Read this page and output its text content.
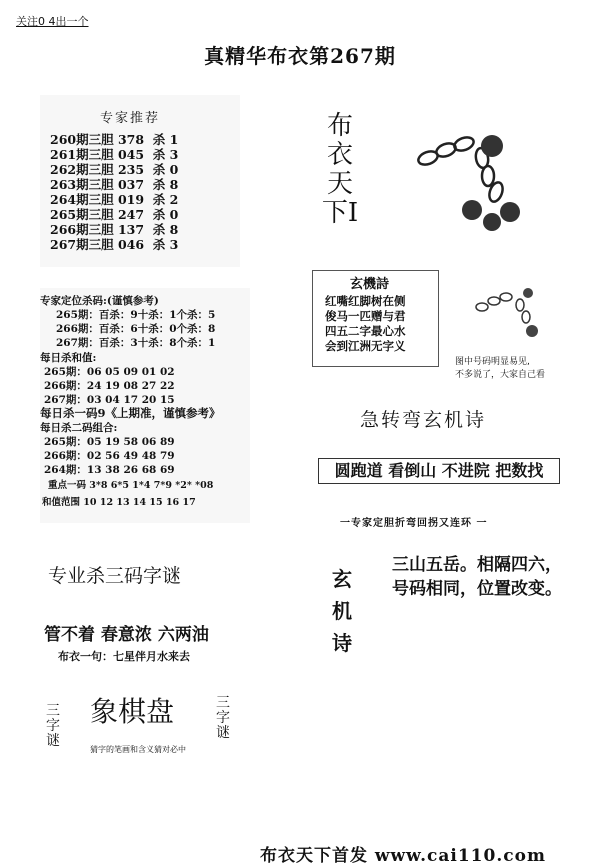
关注0 4出一个
真精华布衣第267期
专家推荐
260期三胆 378  杀 1
261期三胆 045  杀 3
262期三胆 235  杀 0
263期三胆 037  杀 8
264期三胆 019  杀 2
265期三胆 247  杀 0
266期三胆 137  杀 8
267期三胆 046  杀 3
专家定位杀码:(谨慎参考)
265期：百杀：9十杀：1个杀：5
266期：百杀：6十杀：0个杀：8
267期：百杀：3十杀：8个杀：1
每日杀和值:
265期：06 05 09 01 02
266期：24 19 08 27 22
267期：03 04 17 20 15
每日杀一码9《上期准，谨慎参考》
每日杀二码组合:
265期：05 19 58 06 89
266期：02 56 49 48 79
264期：13 38 26 68 69
重点一码 3*8 6*5 1*4 7*9 *2* *08
和值范围 10 12 13 14 15 16 17
专业杀三码字谜
管不着 春意浓 六两油
布衣一句：七星伴月水来去
三字谜
象棋盘	三字谜
猜字的笔画和含义猜对必中
布衣天下I
玄機詩
红嘴红脚树在侧
俊马一匹赠与君
四五二字最心水
会到江洲无字义
图中号码明显易见,
不多说了，大家自己看
急转弯玄机诗
圆跑道 看倒山 不进院 把数找
一专家定胆折弯回拐又连环 一
玄机诗
三山五岳。相隔四六，
号码相同，位置改变。
布衣天下首发 www.cai110.com
